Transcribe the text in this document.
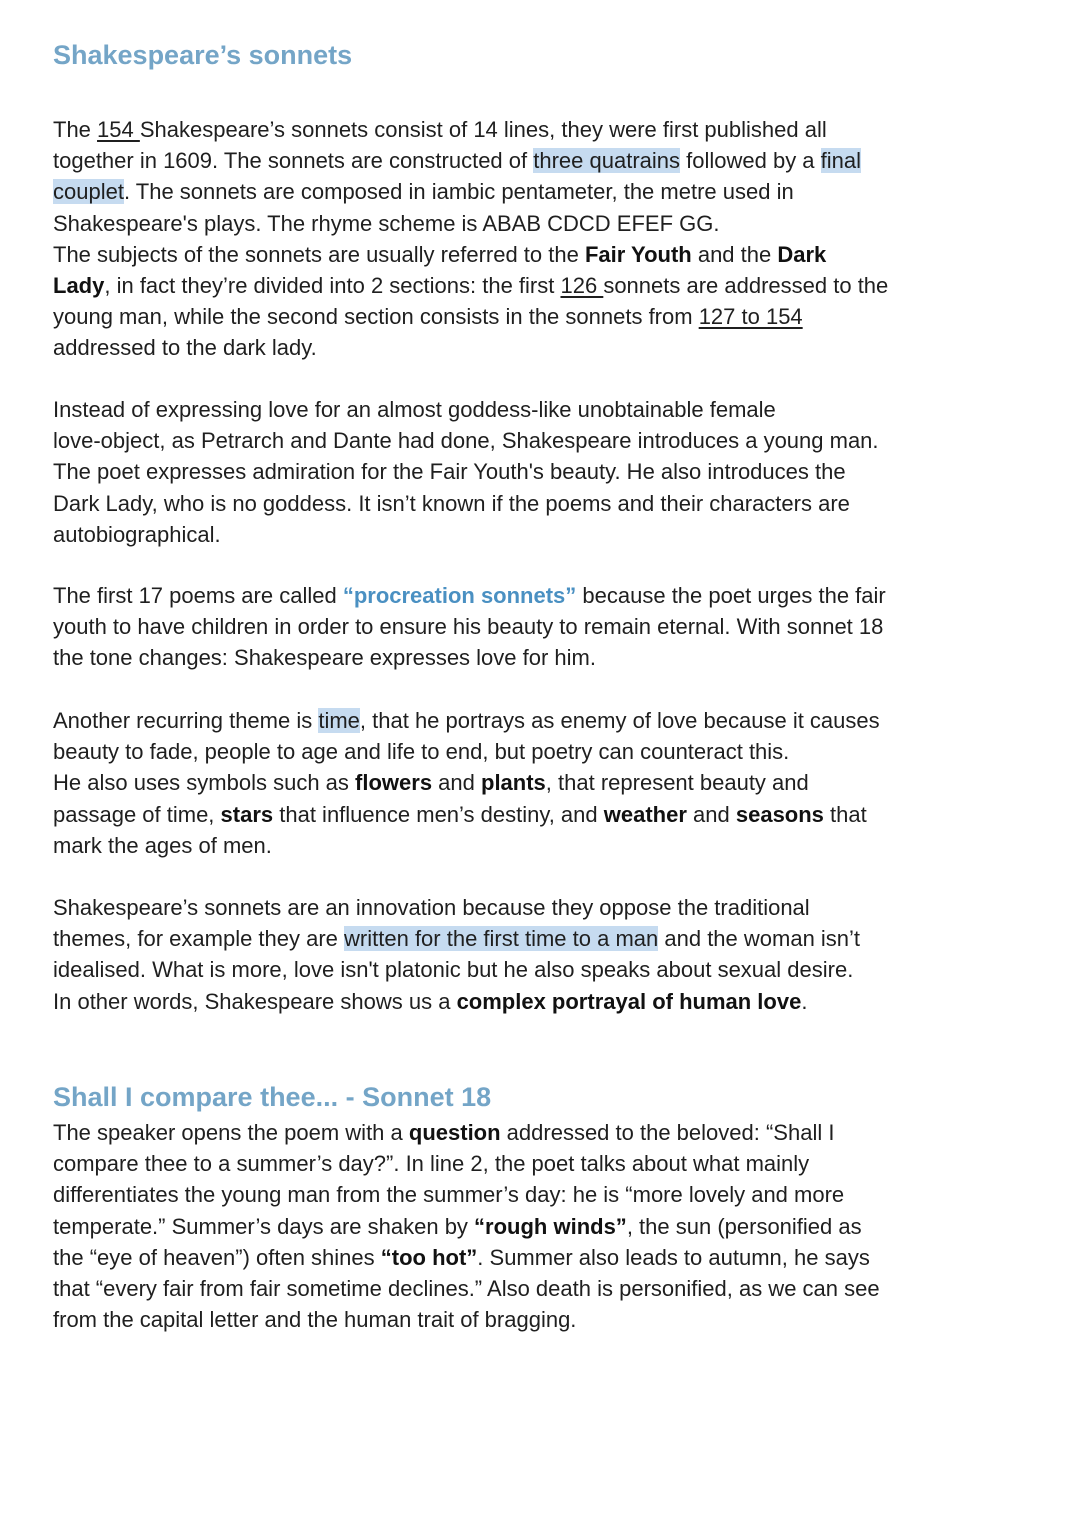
Shakespeare’s sonnets
The 154 Shakespeare’s sonnets consist of 14 lines, they were first published all
together in 1609. The sonnets are constructed of three quatrains followed by a final
couplet. The sonnets are composed in iambic pentameter, the metre used in
Shakespeare's plays. The rhyme scheme is ABAB CDCD EFEF GG.
The subjects of the sonnets are usually referred to the Fair Youth and the Dark
Lady, in fact they’re divided into 2 sections: the first 126 sonnets are addressed to the
young man, while the second section consists in the sonnets from 127 to 154
addressed to the dark lady.
Instead of expressing love for an almost goddess-like unobtainable female
love-object, as Petrarch and Dante had done, Shakespeare introduces a young man.
The poet expresses admiration for the Fair Youth's beauty. He also introduces the
Dark Lady, who is no goddess. It isn’t known if the poems and their characters are
autobiographical.
The first 17 poems are called “procreation sonnets” because the poet urges the fair
youth to have children in order to ensure his beauty to remain eternal. With sonnet 18
the tone changes: Shakespeare expresses love for him.
Another recurring theme is time, that he portrays as enemy of love because it causes
beauty to fade, people to age and life to end, but poetry can counteract this.
He also uses symbols such as flowers and plants, that represent beauty and
passage of time, stars that influence men’s destiny, and weather and seasons that
mark the ages of men.
Shakespeare’s sonnets are an innovation because they oppose the traditional
themes, for example they are written for the first time to a man and the woman isn’t
idealised. What is more, love isn't platonic but he also speaks about sexual desire.
In other words, Shakespeare shows us a complex portrayal of human love.
Shall I compare thee... - Sonnet 18
The speaker opens the poem with a question addressed to the beloved: “Shall I
compare thee to a summer’s day?”. In line 2, the poet talks about what mainly
differentiates the young man from the summer’s day: he is “more lovely and more
temperate.” Summer’s days are shaken by “rough winds”, the sun (personified as
the “eye of heaven”) often shines “too hot”. Summer also leads to autumn, he says
that “every fair from fair sometime declines.” Also death is personified, as we can see
from the capital letter and the human trait of bragging.
